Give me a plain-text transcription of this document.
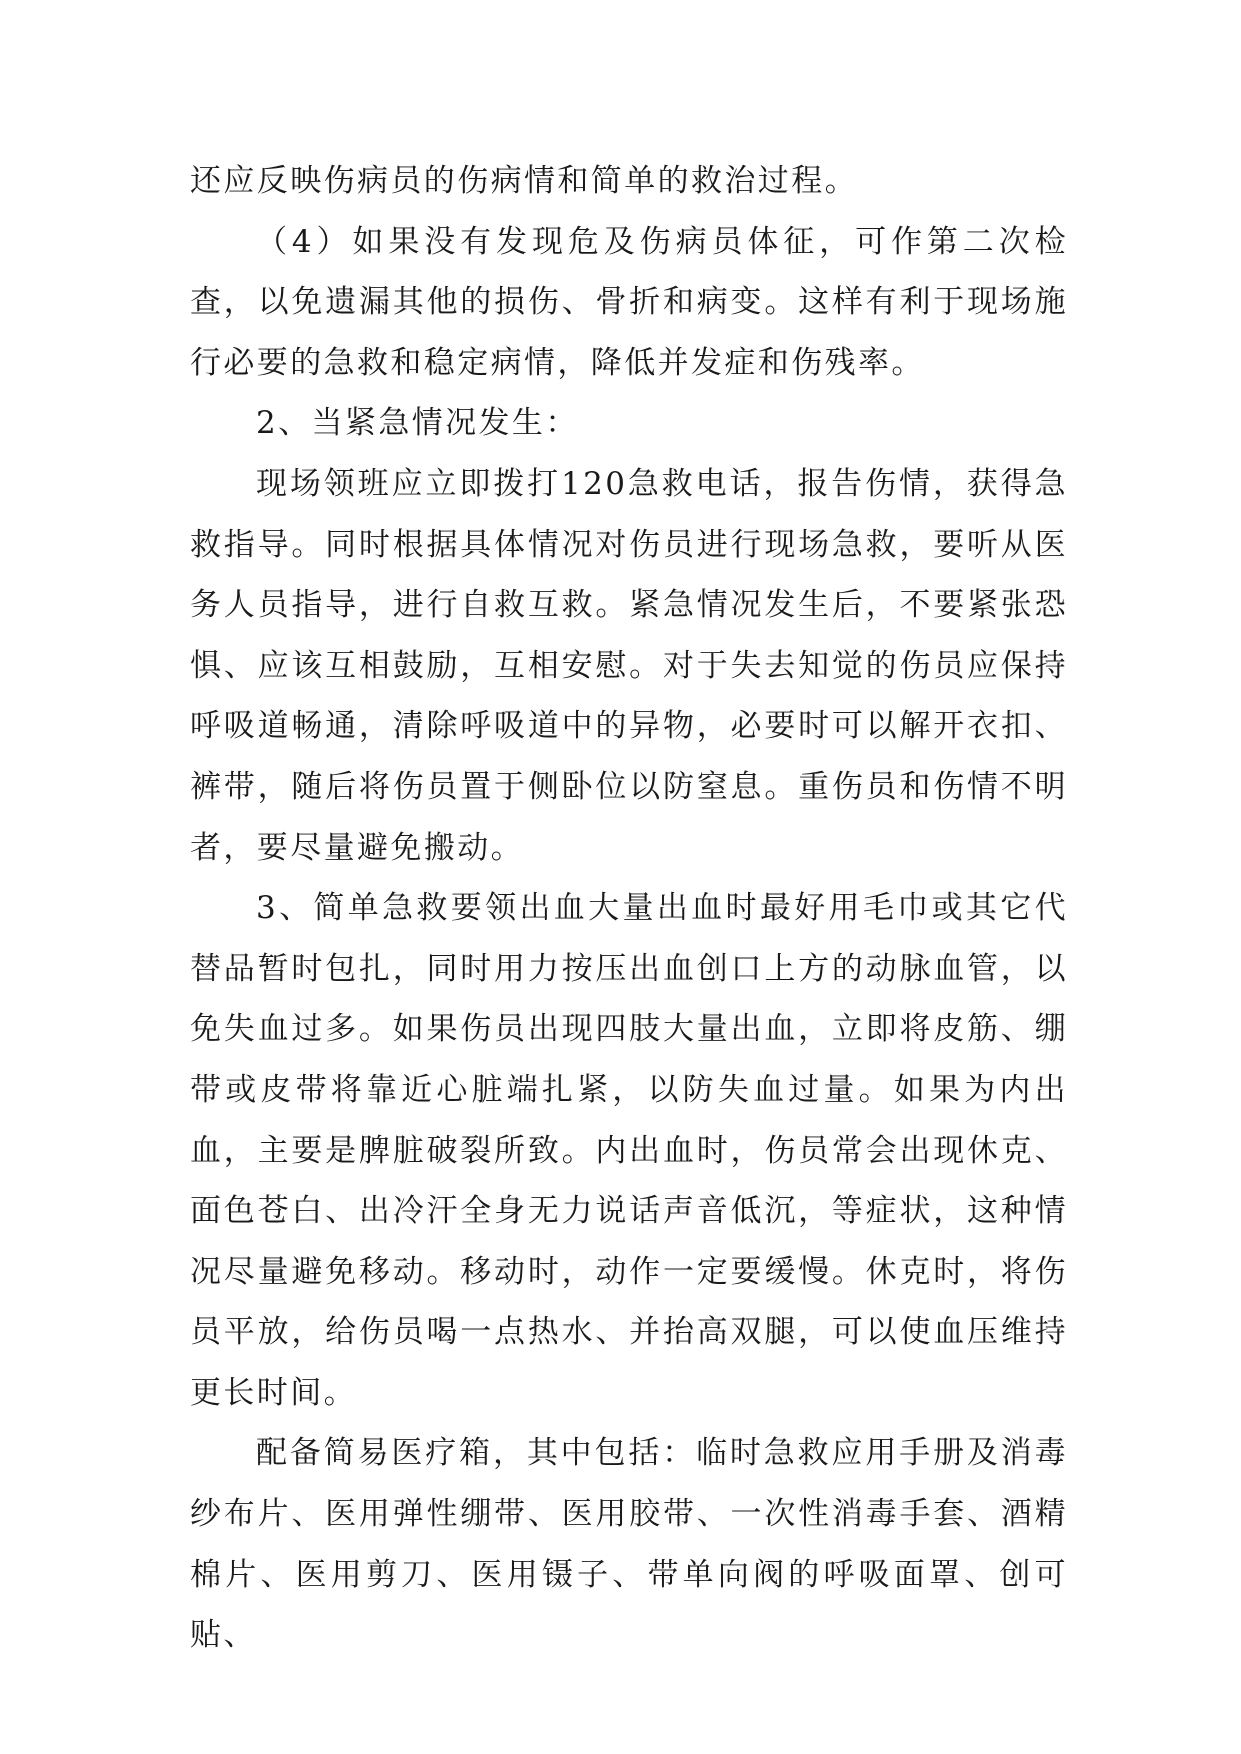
还应反映伤病员的伤病情和简单的救治过程。

（4）如果没有发现危及伤病员体征，可作第二次检查，以免遗漏其他的损伤、骨折和病变。这样有利于现场施行必要的急救和稳定病情，降低并发症和伤残率。

2、当紧急情况发生：

现场领班应立即拨打120急救电话，报告伤情，获得急救指导。同时根据具体情况对伤员进行现场急救，要听从医务人员指导，进行自救互救。紧急情况发生后，不要紧张恐惧、应该互相鼓励，互相安慰。对于失去知觉的伤员应保持呼吸道畅通，清除呼吸道中的异物，必要时可以解开衣扣、裤带，随后将伤员置于侧卧位以防窒息。重伤员和伤情不明者，要尽量避免搬动。

3、简单急救要领出血大量出血时最好用毛巾或其它代替品暂时包扎，同时用力按压出血创口上方的动脉血管，以免失血过多。如果伤员出现四肢大量出血，立即将皮筋、绷带或皮带将靠近心脏端扎紧，以防失血过量。如果为内出血，主要是脾脏破裂所致。内出血时，伤员常会出现休克、面色苍白、出冷汗全身无力说话声音低沉，等症状，这种情况尽量避免移动。移动时，动作一定要缓慢。休克时，将伤员平放，给伤员喝一点热水、并抬高双腿，可以使血压维持更长时间。

配备简易医疗箱，其中包括：临时急救应用手册及消毒纱布片、医用弹性绷带、医用胶带、一次性消毒手套、酒精棉片、医用剪刀、医用镊子、带单向阀的呼吸面罩、创可贴、
